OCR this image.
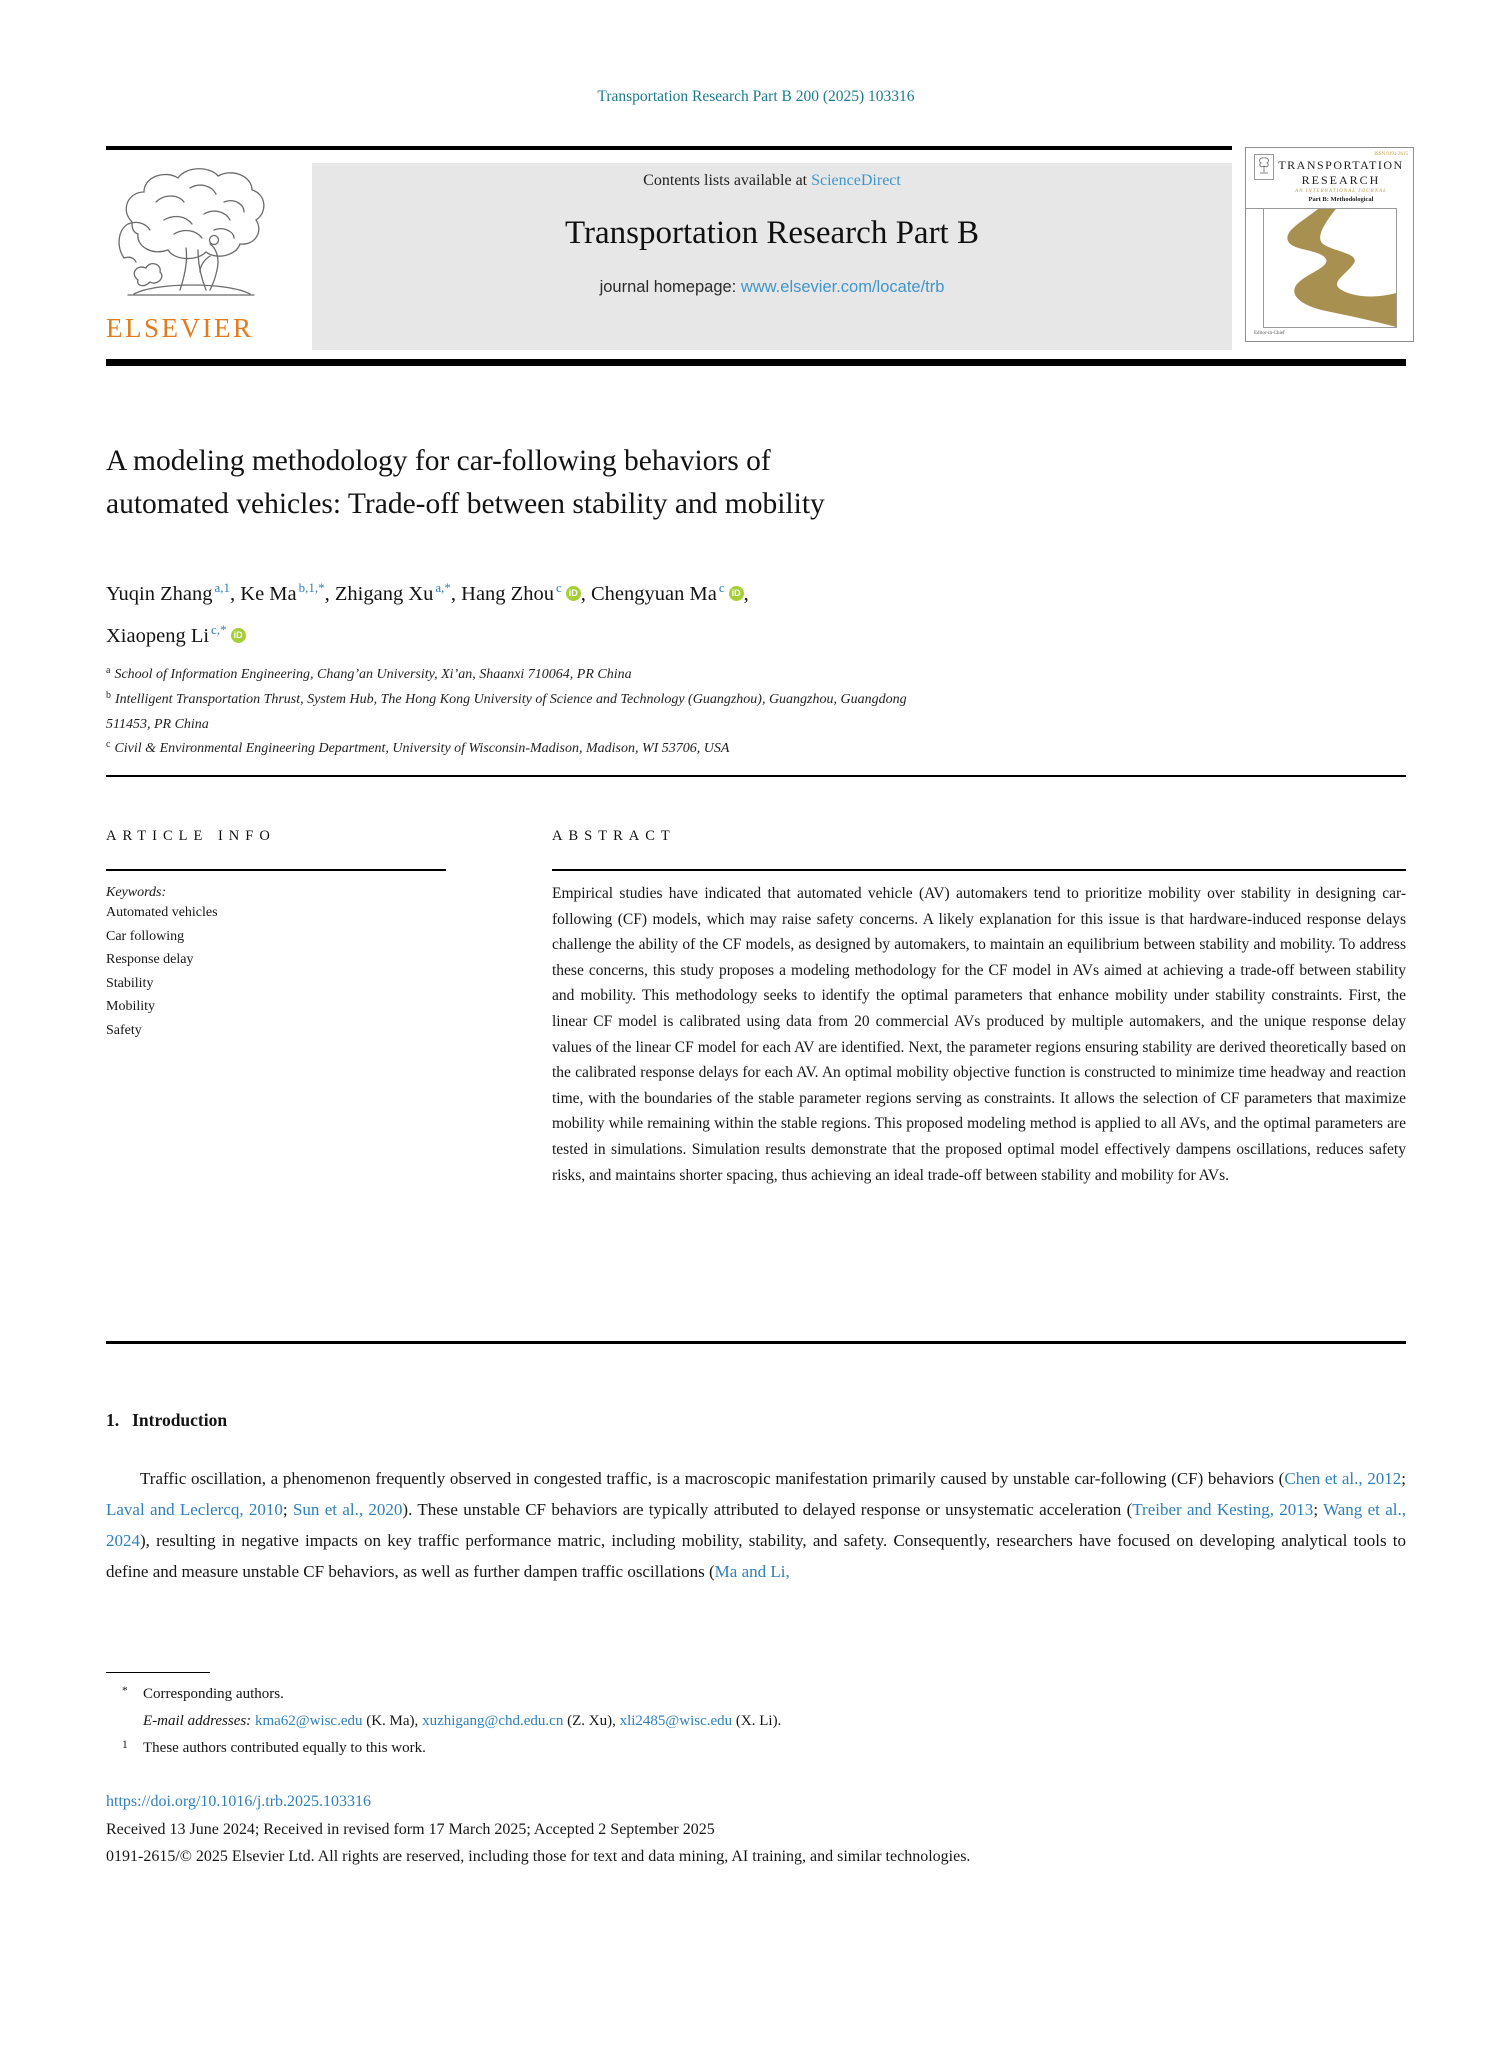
Transportation Research Part B 200 (2025) 103316
ELSEVIER
Contents lists available at ScienceDirect
Transportation Research Part B
journal homepage: www.elsevier.com/locate/trb
ISSN 0191-2615
TRANSPORTATION
RESEARCH
AN INTERNATIONAL JOURNAL
Part B: Methodological
Editor-in-Chief
A modeling methodology for car-following behaviors of
automated vehicles: Trade-off between stability and mobility
Yuqin Zhang $^{a,1}$, Ke Ma $^{b,1,*}$, Zhigang Xu $^{a,*}$, Hang Zhou $^c$ iD , Chengyuan Ma $^c$ iD ,
Xiaopeng Li $^{c,*}$ iD
$^a$ School of Information Engineering, Chang’an University, Xi’an, Shaanxi 710064, PR China
$^b$ Intelligent Transportation Thrust, System Hub, The Hong Kong University of Science and Technology (Guangzhou), Guangzhou, Guangdong
511453, PR China
$^c$ Civil & Environmental Engineering Department, University of Wisconsin-Madison, Madison, WI 53706, USA
ARTICLE INFO
Keywords:
Automated vehicles
Car following
Response delay
Stability
Mobility
Safety
ABSTRACT
Empirical studies have indicated that automated vehicle (AV) automakers tend to prioritize mobility over stability in designing car-following (CF) models, which may raise safety concerns. A likely explanation for this issue is that hardware-induced response delays challenge the ability of the CF models, as designed by automakers, to maintain an equilibrium between stability and mobility. To address these concerns, this study proposes a modeling methodology for the CF model in AVs aimed at achieving a trade-off between stability and mobility. This methodology seeks to identify the optimal parameters that enhance mobility under stability constraints. First, the linear CF model is calibrated using data from 20 commercial AVs produced by multiple automakers, and the unique response delay values of the linear CF model for each AV are identified. Next, the parameter regions ensuring stability are derived theoretically based on the calibrated response delays for each AV. An optimal mobility objective function is constructed to minimize time headway and reaction time, with the boundaries of the stable parameter regions serving as constraints. It allows the selection of CF parameters that maximize mobility while remaining within the stable regions. This proposed modeling method is applied to all AVs, and the optimal parameters are tested in simulations. Simulation results demonstrate that the proposed optimal model effectively dampens oscillations, reduces safety risks, and maintains shorter spacing, thus achieving an ideal trade-off between stability and mobility for AVs.
1. Introduction
Traffic oscillation, a phenomenon frequently observed in congested traffic, is a macroscopic manifestation primarily caused by unstable car-following (CF) behaviors (Chen et al., 2012; Laval and Leclercq, 2010; Sun et al., 2020). These unstable CF behaviors are typically attributed to delayed response or unsystematic acceleration (Treiber and Kesting, 2013; Wang et al., 2024), resulting in negative impacts on key traffic performance matric, including mobility, stability, and safety. Consequently, researchers have focused on developing analytical tools to define and measure unstable CF behaviors, as well as further dampen traffic oscillations (Ma and Li,
* Corresponding authors.
E-mail addresses: kma62@wisc.edu (K. Ma), xuzhigang@chd.edu.cn (Z. Xu), xli2485@wisc.edu (X. Li).
1 These authors contributed equally to this work.
https://doi.org/10.1016/j.trb.2025.103316
Received 13 June 2024; Received in revised form 17 March 2025; Accepted 2 September 2025
0191-2615/© 2025 Elsevier Ltd. All rights are reserved, including those for text and data mining, AI training, and similar technologies.
